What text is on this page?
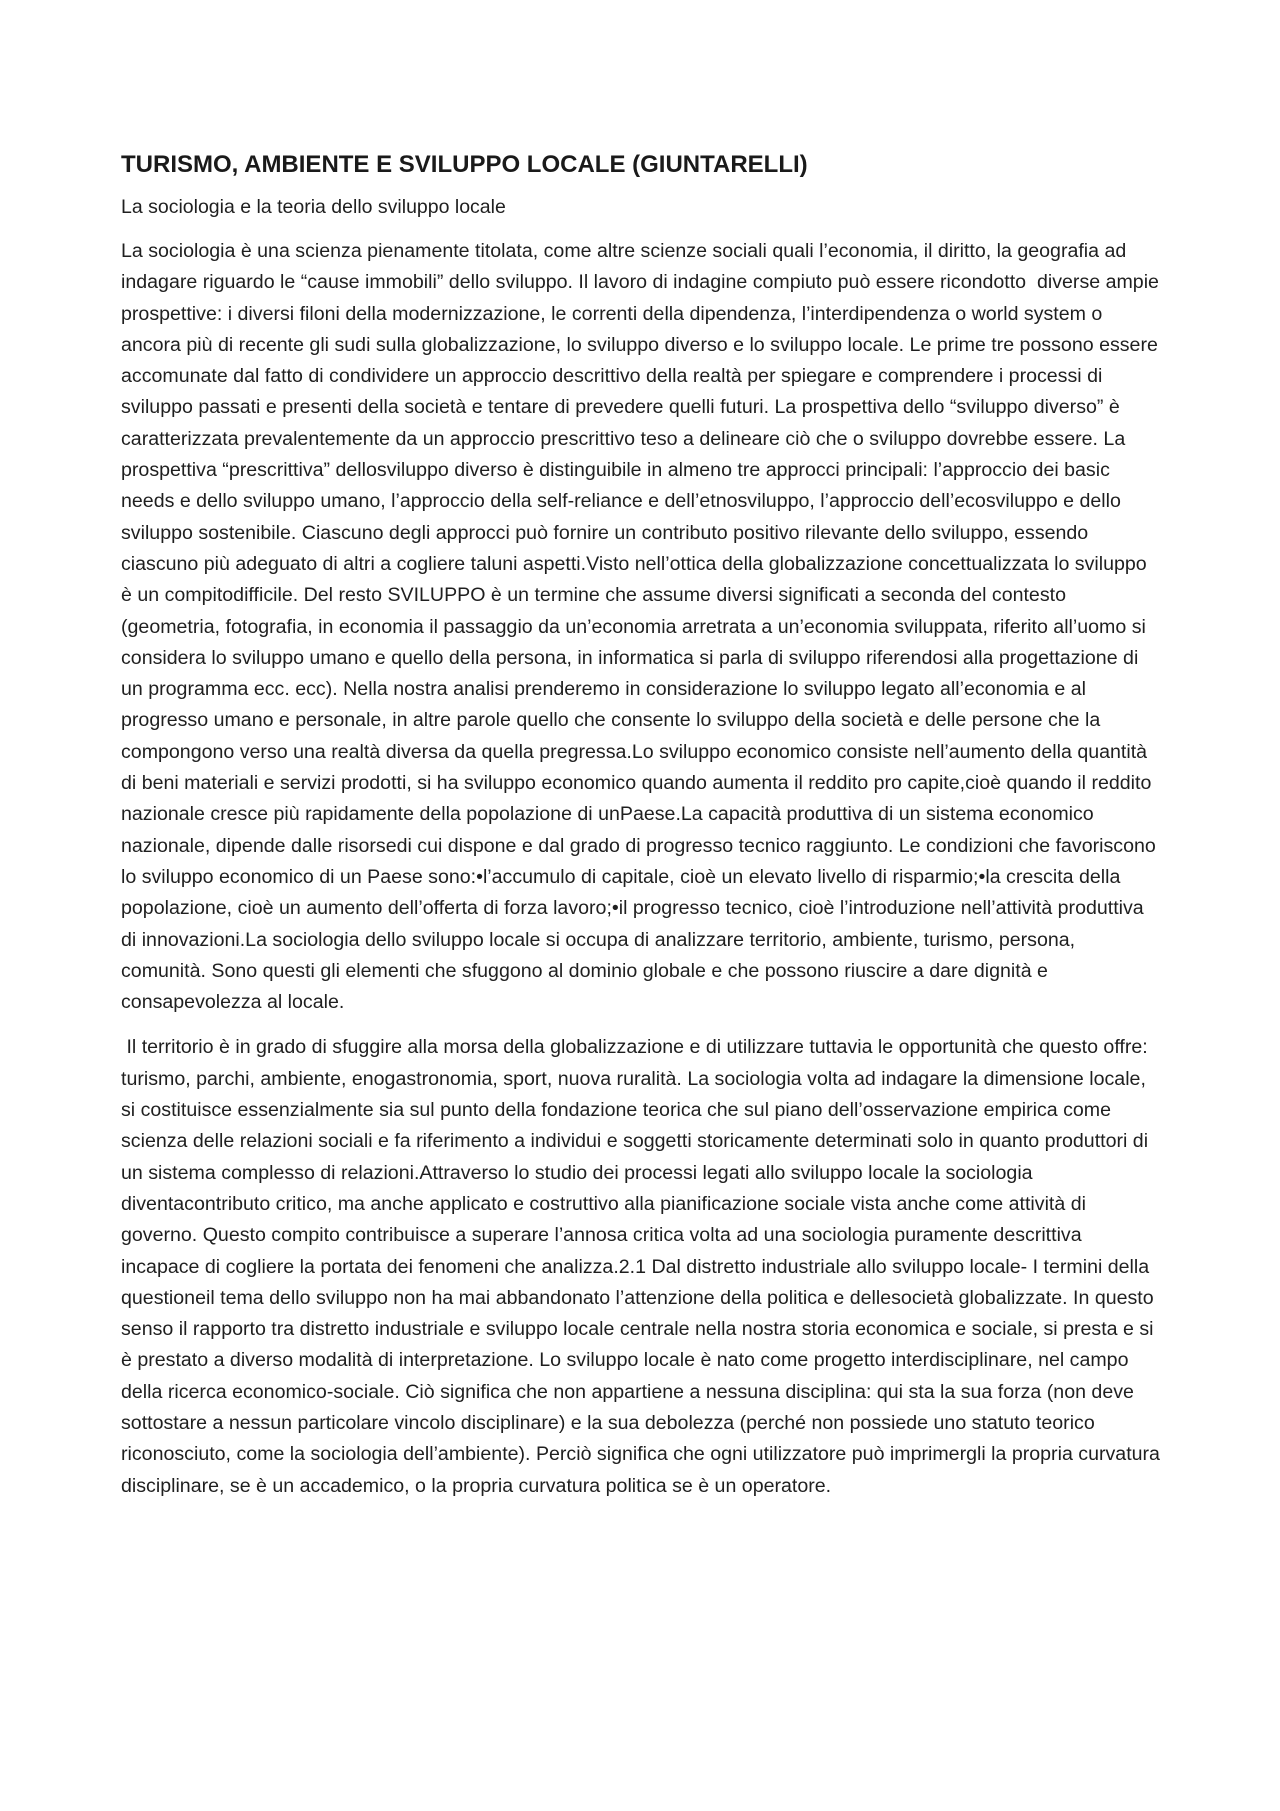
TURISMO, AMBIENTE E SVILUPPO LOCALE (GIUNTARELLI)

La sociologia e la teoria dello sviluppo locale

La sociologia è una scienza pienamente titolata, come altre scienze sociali quali l’economia, il diritto, la geografia ad indagare riguardo le “cause immobili” dello sviluppo. Il lavoro di indagine compiuto può essere ricondotto  diverse ampie prospettive: i diversi filoni della modernizzazione, le correnti della dipendenza, l’interdipendenza o world system o ancora più di recente gli sudi sulla globalizzazione, lo sviluppo diverso e lo sviluppo locale. Le prime tre possono essere accomunate dal fatto di condividere un approccio descrittivo della realtà per spiegare e comprendere i processi di sviluppo passati e presenti della società e tentare di prevedere quelli futuri. La prospettiva dello “sviluppo diverso” è caratterizzata prevalentemente da un approccio prescrittivo teso a delineare ciò che o sviluppo dovrebbe essere. La prospettiva “prescrittiva” dellosviluppo diverso è distinguibile in almeno tre approcci principali: l’approccio dei basic needs e dello sviluppo umano, l’approccio della self-reliance e dell’etnosviluppo, l’approccio dell’ecosviluppo e dello sviluppo sostenibile. Ciascuno degli approcci può fornire un contributo positivo rilevante dello sviluppo, essendo ciascuno più adeguato di altri a cogliere taluni aspetti.Visto nell’ottica della globalizzazione concettualizzata lo sviluppo è un compitodifficile. Del resto SVILUPPO è un termine che assume diversi significati a seconda del contesto (geometria, fotografia, in economia il passaggio da un’economia arretrata a un’economia sviluppata, riferito all’uomo si considera lo sviluppo umano e quello della persona, in informatica si parla di sviluppo riferendosi alla progettazione di un programma ecc. ecc). Nella nostra analisi prenderemo in considerazione lo sviluppo legato all’economia e al progresso umano e personale, in altre parole quello che consente lo sviluppo della società e delle persone che la compongono verso una realtà diversa da quella pregressa.Lo sviluppo economico consiste nell’aumento della quantità di beni materiali e servizi prodotti, si ha sviluppo economico quando aumenta il reddito pro capite,cioè quando il reddito nazionale cresce più rapidamente della popolazione di unPaese.La capacità produttiva di un sistema economico nazionale, dipende dalle risorsedi cui dispone e dal grado di progresso tecnico raggiunto. Le condizioni che favoriscono lo sviluppo economico di un Paese sono:•l’accumulo di capitale, cioè un elevato livello di risparmio;•la crescita della popolazione, cioè un aumento dell’offerta di forza lavoro;•il progresso tecnico, cioè l’introduzione nell’attività produttiva di innovazioni.La sociologia dello sviluppo locale si occupa di analizzare territorio, ambiente, turismo, persona, comunità. Sono questi gli elementi che sfuggono al dominio globale e che possono riuscire a dare dignità e consapevolezza al locale.

Il territorio è in grado di sfuggire alla morsa della globalizzazione e di utilizzare tuttavia le opportunità che questo offre: turismo, parchi, ambiente, enogastronomia, sport, nuova ruralità. La sociologia volta ad indagare la dimensione locale, si costituisce essenzialmente sia sul punto della fondazione teorica che sul piano dell’osservazione empirica come scienza delle relazioni sociali e fa riferimento a individui e soggetti storicamente determinati solo in quanto produttori di un sistema complesso di relazioni.Attraverso lo studio dei processi legati allo sviluppo locale la sociologia diventacontributo critico, ma anche applicato e costruttivo alla pianificazione sociale vista anche come attività di governo. Questo compito contribuisce a superare l’annosa critica volta ad una sociologia puramente descrittiva incapace di cogliere la portata dei fenomeni che analizza.2.1 Dal distretto industriale allo sviluppo locale- I termini della questioneil tema dello sviluppo non ha mai abbandonato l’attenzione della politica e dellesocietà globalizzate. In questo senso il rapporto tra distretto industriale e sviluppo locale centrale nella nostra storia economica e sociale, si presta e si è prestato a diverso modalità di interpretazione. Lo sviluppo locale è nato come progetto interdisciplinare, nel campo della ricerca economico-sociale. Ciò significa che non appartiene a nessuna disciplina: qui sta la sua forza (non deve sottostare a nessun particolare vincolo disciplinare) e la sua debolezza (perché non possiede uno statuto teorico riconosciuto, come la sociologia dell’ambiente). Perciò significa che ogni utilizzatore può imprimergli la propria curvatura disciplinare, se è un accademico, o la propria curvatura politica se è un operatore.
